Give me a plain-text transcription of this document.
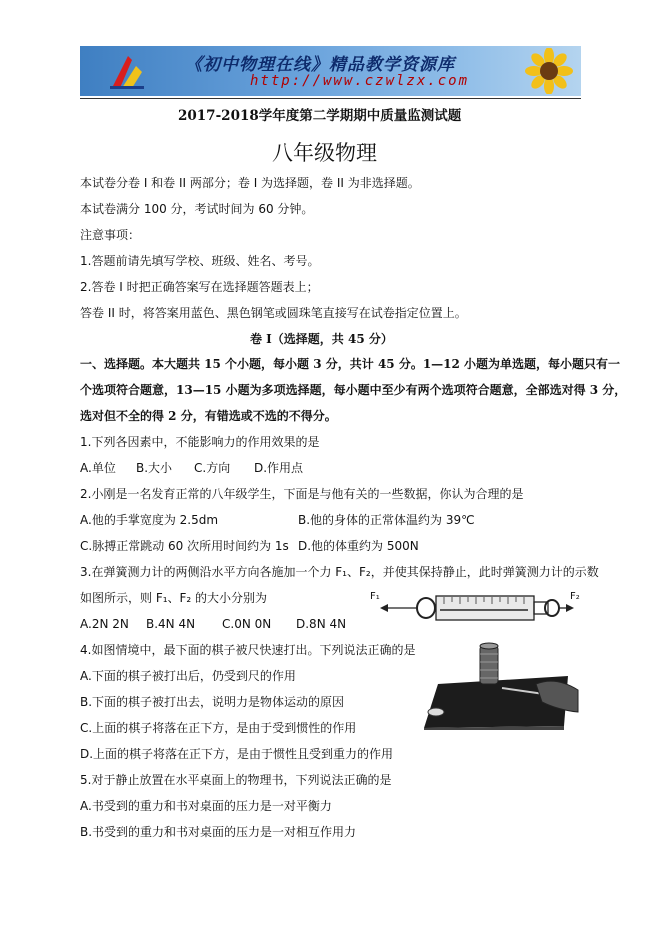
《初中物理在线》精品教学资源库
http://www.czwlzx.com
2017-2018学年度第二学期期中质量监测试题
八年级物理
本试卷分卷 I 和卷 II 两部分；卷 I 为选择题，卷 II 为非选择题。
本试卷满分 100 分，考试时间为 60 分钟。
注意事项：
1.答题前请先填写学校、班级、姓名、考号。
2.答卷 I 时把正确答案写在选择题答题表上；
答卷 II 时，将答案用蓝色、黑色钢笔或圆珠笔直接写在试卷指定位置上。
卷 I（选择题，共 45 分）
一、选择题。本大题共 15 个小题，每小题 3 分，共计 45 分。1—12 小题为单选题，每小题只有一
个选项符合题意，13—15 小题为多项选择题，每小题中至少有两个选项符合题意，全部选对得 3 分，
选对但不全的得 2 分，有错选或不选的不得分。
1.下列各因素中，不能影响力的作用效果的是
A.单位 B.大小 C.方向 D.作用点
2.小刚是一名发育正常的八年级学生，下面是与他有关的一些数据，你认为合理的是
A.他的手掌宽度为 2.5dm	B.他的身体的正常体温约为 39℃
C.脉搏正常跳动 60 次所用时间约为 1s D.他的体重约为 500N
3.在弹簧测力计的两侧沿水平方向各施加一个力 F₁、F₂，并使其保持静止，此时弹簧测力计的示数
如图所示，则 F₁、F₂ 的大小分别为
A.2N 2N B.4N 4N C.0N 0N D.8N 4N
F₁	F₂
4.如图情境中，最下面的棋子被尺快速打出。下列说法正确的是
A.下面的棋子被打出后，仍受到尺的作用
B.下面的棋子被打出去，说明力是物体运动的原因
C.上面的棋子将落在正下方，是由于受到惯性的作用
D.上面的棋子将落在正下方，是由于惯性且受到重力的作用
5.对于静止放置在水平桌面上的物理书，下列说法正确的是
A.书受到的重力和书对桌面的压力是一对平衡力
B.书受到的重力和书对桌面的压力是一对相互作用力
